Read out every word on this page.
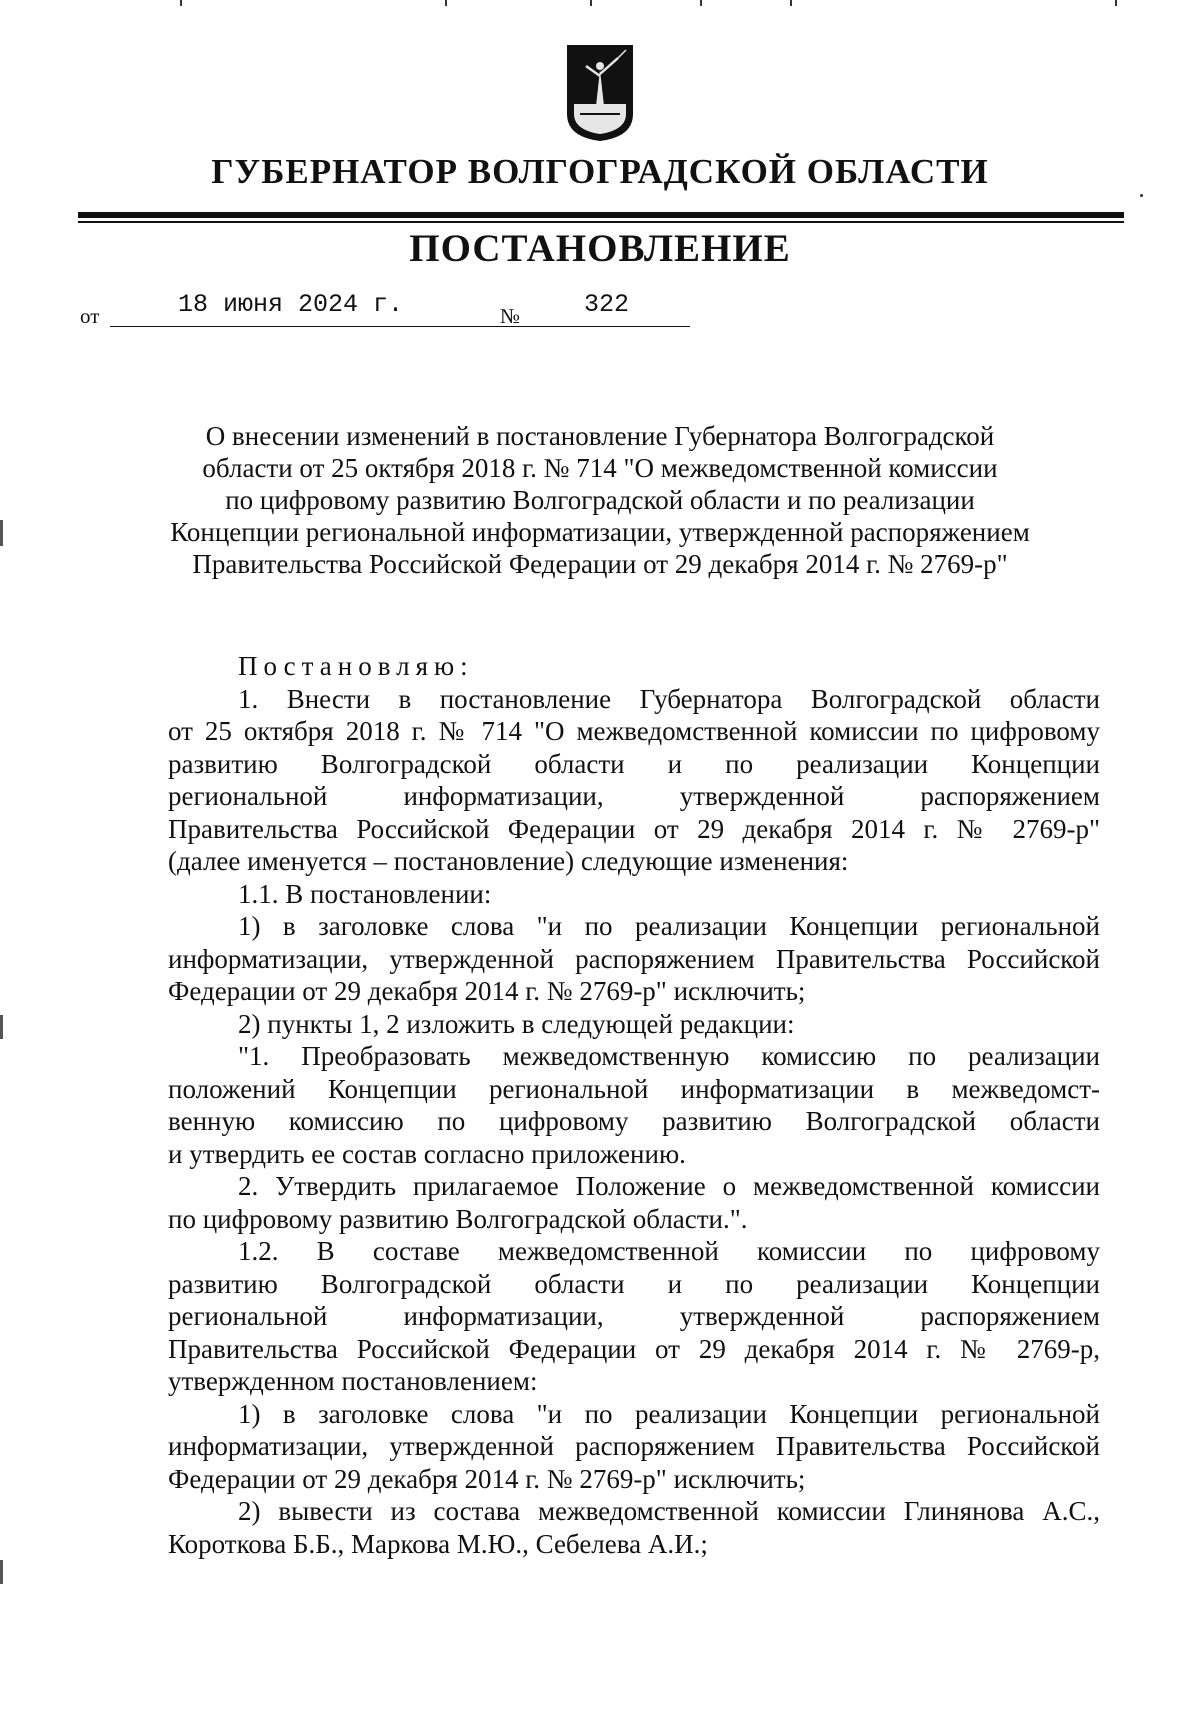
ГУБЕРНАТОР ВОЛГОГРАДСКОЙ ОБЛАСТИ
ПОСТАНОВЛЕНИЕ
от	18 июня 2024 г.	№	322
О внесении изменений в постановление Губернатора Волгоградской
области от 25 октября 2018 г. № 714 "О межведомственной комиссии
по цифровому развитию Волгоградской области и по реализации
Концепции региональной информатизации, утвержденной распоряжением
Правительства Российской Федерации от 29 декабря 2014 г. № 2769-р"
Постановляю:
1. Внести в постановление Губернатора Волгоградской области
от 25 октября 2018 г. № 714 "О межведомственной комиссии по цифровому
развитию Волгоградской области и по реализации Концепции
региональной информатизации, утвержденной распоряжением
Правительства Российской Федерации от 29 декабря 2014 г. № 2769-р"
(далее именуется – постановление) следующие изменения:
1.1. В постановлении:
1) в заголовке слова "и по реализации Концепции региональной
информатизации, утвержденной распоряжением Правительства Российской
Федерации от 29 декабря 2014 г. № 2769-р" исключить;
2) пункты 1, 2 изложить в следующей редакции:
"1. Преобразовать межведомственную комиссию по реализации
положений Концепции региональной информатизации в межведомст-
венную комиссию по цифровому развитию Волгоградской области
и утвердить ее состав согласно приложению.
2. Утвердить прилагаемое Положение о межведомственной комиссии
по цифровому развитию Волгоградской области.".
1.2. В составе межведомственной комиссии по цифровому
развитию Волгоградской области и по реализации Концепции
региональной информатизации, утвержденной распоряжением
Правительства Российской Федерации от 29 декабря 2014 г. № 2769-р,
утвержденном постановлением:
1) в заголовке слова "и по реализации Концепции региональной
информатизации, утвержденной распоряжением Правительства Российской
Федерации от 29 декабря 2014 г. № 2769-р" исключить;
2) вывести из состава межведомственной комиссии Глинянова А.С.,
Короткова Б.Б., Маркова М.Ю., Себелева А.И.;
